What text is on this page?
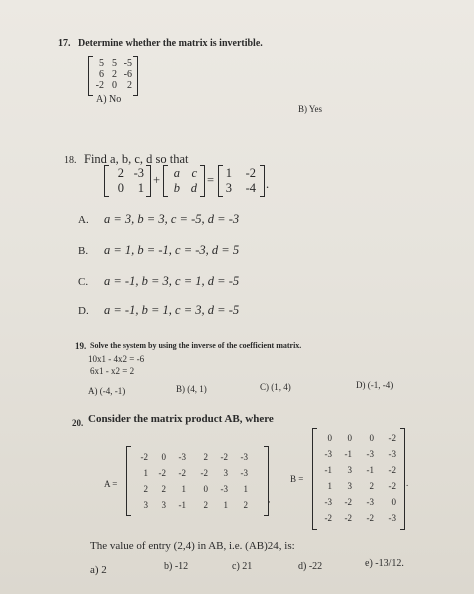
17. Determine whether the matrix is invertible.
5 5 -5
6 2 -6
-2 0	2
A) No
B) Yes
18. Find a, b, c, d so that
2 -3
0	1
+	a c
b d
= 1	-2
3	-4 .
A. a = 3, b = 3, c = -5, d = -3
B. a = 1, b = -1, c = -3, d = 5
C. a = -1, b = 3, c = 1, d = -5
D. a = -1, b = 1, c = 3, d = -5
19. Solve the system by using the inverse of the coefficient matrix.
10x1 - 4x2 = -6
6x1 - x2 = 2
A) (-4, -1)	B) (4, 1)	C) (1, 4)	D) (-1, -4)
20. Consider the matrix product AB, where
A =
-2	0	-3	2	-2	-3
1	-2	-2	-2	3	-3
2	2	1	0	-3	1
3	3	-1	2	1	2
,
B =
0	0	0	-2
-3	-1	-3	-3
-1	3	-1	-2
1	3	2	-2
-3	-2	-3	0
-2	-2	-2	-3
.
The value of entry (2,4) in AB, i.e. (AB)24, is:
a) 2	b) -12	c) 21	d) -22	e) -13/12.
